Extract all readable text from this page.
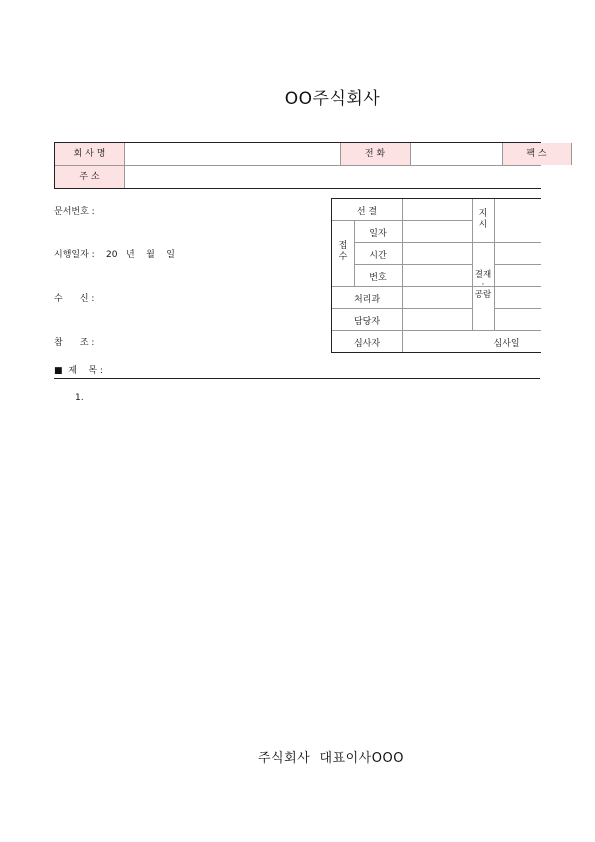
OO주식회사
회 사 명	전 화	팩 스
주 소
문서번호 :
시행일자 : 20   년    월    일
수      신 :
참      조 :
선 결
접
수
일자
시간
번호
처리과
담당자
심사자
지
시
결재
·
공람
심사일
■  제    목 :
1.
주식회사  대표이사OOO
